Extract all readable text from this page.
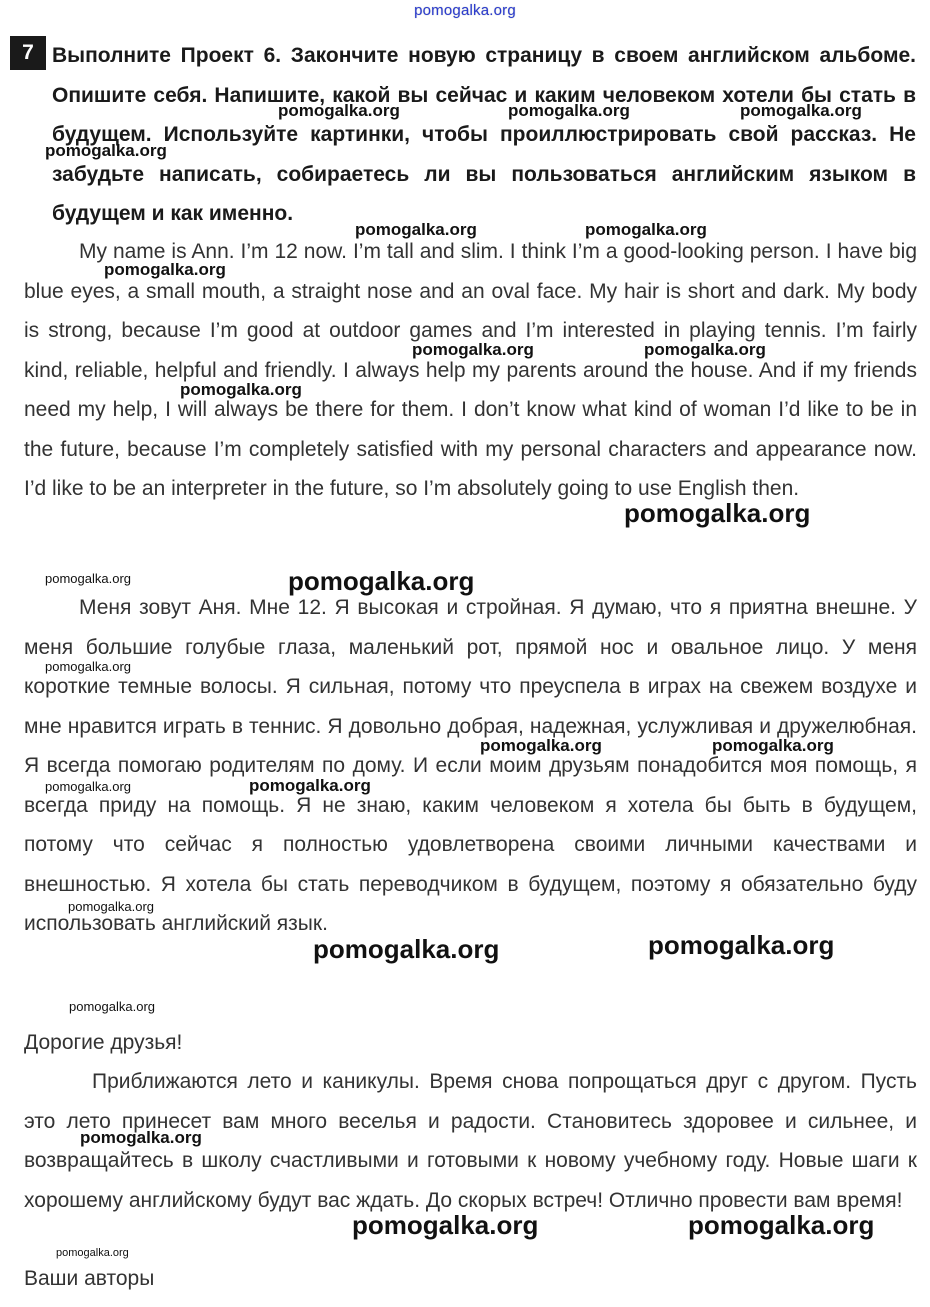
pomogalka.org
7 Выполните Проект 6. Закончите новую страницу в своем английском альбоме. Опишите себя. Напишите, какой вы сейчас и каким человеком хотели бы стать в будущем. Используйте картинки, чтобы проиллюстрировать свой рассказ. Не забудьте написать, собираетесь ли вы пользоваться английским языком в будущем и как именно.

My name is Ann. I’m 12 now. I’m tall and slim. I think I’m a good-looking person. I have big blue eyes, a small mouth, a straight nose and an oval face. My hair is short and dark. My body is strong, because I’m good at outdoor games and I’m interested in playing tennis. I’m fairly kind, reliable, helpful and friendly. I always help my parents around the house. And if my friends need my help, I will always be there for them. I don’t know what kind of woman I’d like to be in the future, because I’m completely satisfied with my personal characters and appearance now. I’d like to be an interpreter in the future, so I’m absolutely going to use English then.

Меня зовут Аня. Мне 12. Я высокая и стройная. Я думаю, что я приятна внешне. У меня большие голубые глаза, маленький рот, прямой нос и овальное лицо. У меня короткие темные волосы. Я сильная, потому что преуспела в играх на свежем воздухе и мне нравится играть в теннис. Я довольно добрая, надежная, услужливая и дружелюбная. Я всегда помогаю родителям по дому. И если моим друзьям понадобится моя помощь, я всегда приду на помощь. Я не знаю, каким человеком я хотела бы быть в будущем, потому что сейчас я полностью удовлетворена своими личными качествами и внешностью. Я хотела бы стать переводчиком в будущем, поэтому я обязательно буду использовать английский язык.

Дорогие друзья!

Приближаются лето и каникулы. Время снова попрощаться друг с другом. Пусть это лето принесет вам много веселья и радости. Становитесь здоровее и сильнее, и возвращайтесь в школу счастливыми и готовыми к новому учебному году. Новые шаги к хорошему английскому будут вас ждать. До скорых встреч! Отлично провести вам время!

Ваши авторы

pomogalka.org	pomogalka.org	pomogalka.org
pomogalka.org
pomogalka.org	pomogalka.org
pomogalka.org
pomogalka.org	pomogalka.org
pomogalka.org
pomogalka.org
pomogalka.org	pomogalka.org
pomogalka.org
pomogalka.org	pomogalka.org
pomogalka.org	pomogalka.org
pomogalka.org
pomogalka.org	pomogalka.org
pomogalka.org
pomogalka.org
pomogalka.org	pomogalka.org
pomogalka.org
